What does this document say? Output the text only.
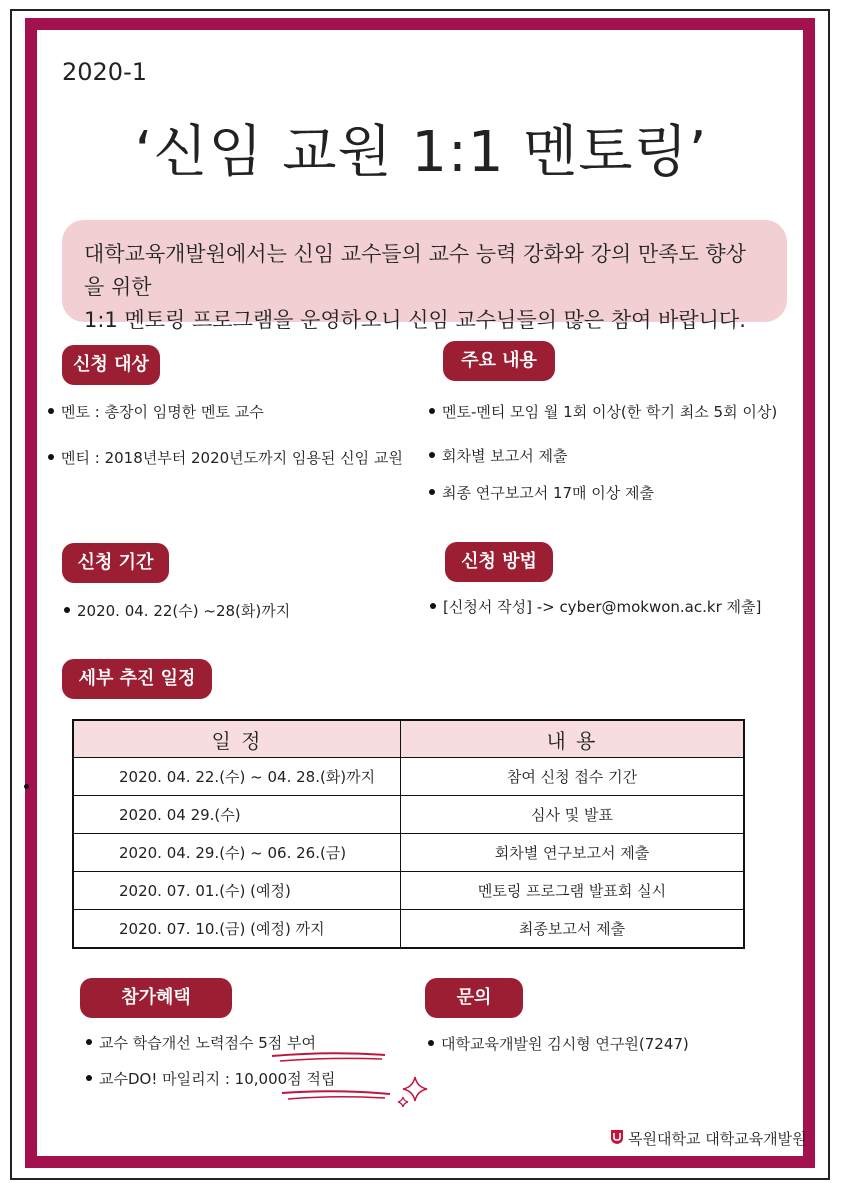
2020-1
‘신임 교원 1:1 멘토링’
대학교육개발원에서는 신임 교수들의 교수 능력 강화와 강의 만족도 향상을 위한
1:1 멘토링 프로그램을 운영하오니 신임 교수님들의 많은 참여 바랍니다.
신청 대상
멘토 : 총장이 임명한 멘토 교수
멘티 : 2018년부터 2020년도까지 임용된 신임 교원
주요 내용
멘토-멘티 모임 월 1회 이상(한 학기 최소 5회 이상)
회차별 보고서 제출
최종 연구보고서 17매 이상 제출
신청 기간
2020. 04. 22(수) ~28(화)까지
신청 방법
[신청서 작성] -> cyber@mokwon.ac.kr 제출]
세부 추진 일정
일 정	내 용
2020. 04. 22.(수) ~ 04. 28.(화)까지	참여 신청 접수 기간
2020. 04 29.(수)	심사 및 발표
2020. 04. 29.(수) ~ 06. 26.(금)	회차별 연구보고서 제출
2020. 07. 01.(수) (예정)	멘토링 프로그램 발표회 실시
2020. 07. 10.(금) (예정) 까지	최종보고서 제출
참가혜택
교수 학습개선 노력점수 5점 부여
교수DO! 마일리지 : 10,000점 적립
문의
대학교육개발원 김시형 연구원(7247)
목원대학교 대학교육개발원
